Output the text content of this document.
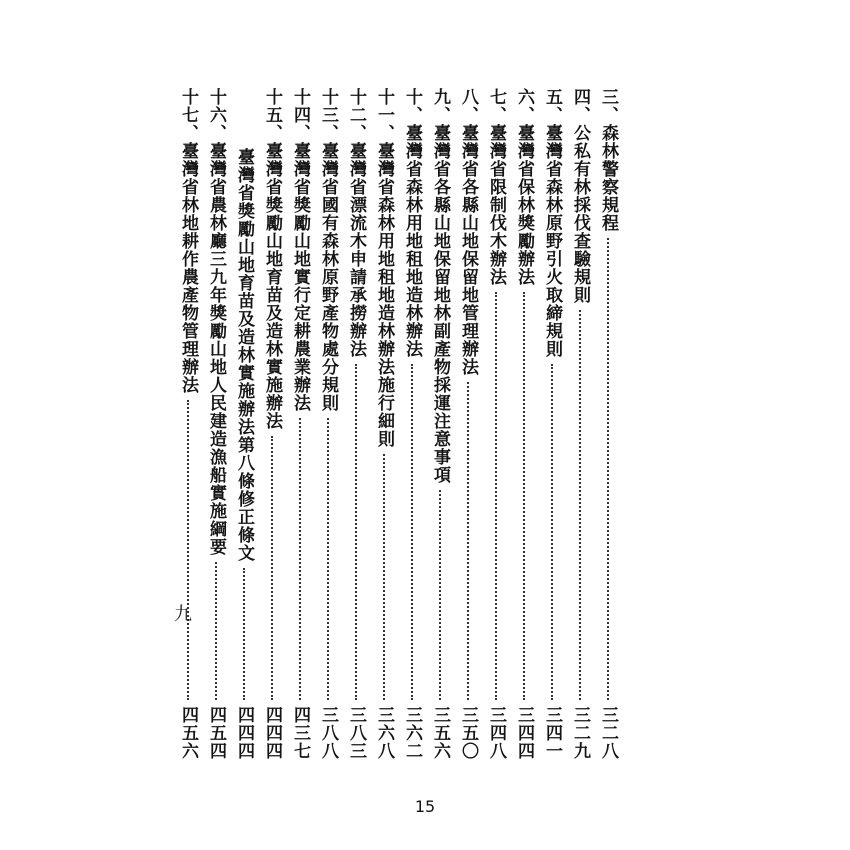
三、森林警察規程
三二八
四、公私有林採伐查驗規則
三二九
五、臺灣省森林原野引火取締規則
三四一
六、臺灣省保林獎勵辦法
三四四
七、臺灣省限制伐木辦法
三四八
八、臺灣省各縣山地保留地管理辦法
三五〇
九、臺灣省各縣山地保留地林副產物採運注意事項
三五六
十、臺灣省森林用地租地造林辦法
三六二
十一、臺灣省森林用地租地造林辦法施行細則
三六八
十二、臺灣省漂流木申請承撈辦法
三八三
十三、臺灣省國有森林原野產物處分規則
三八八
十四、臺灣省獎勵山地實行定耕農業辦法
四三七
十五、臺灣省獎勵山地育苗及造林實施辦法
四四四
臺灣省獎勵山地育苗及造林實施辦法第八條修正條文
四四四
十六、臺灣省農林廳三九年獎勵山地人民建造漁船實施綱要
四五四
十七、臺灣省林地耕作農產物管理辦法
四五六
九
15
